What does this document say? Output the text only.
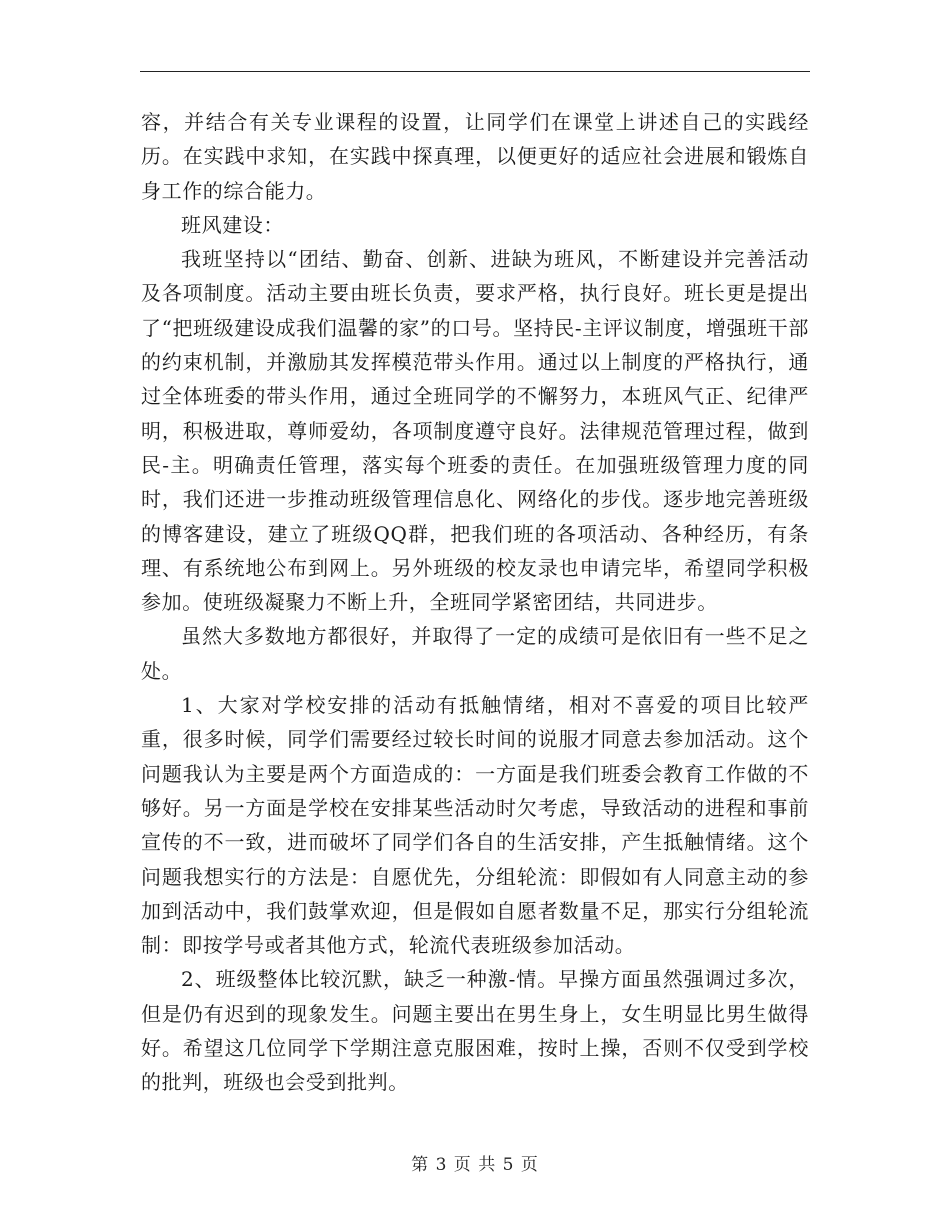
容，并结合有关专业课程的设置，让同学们在课堂上讲述自己的实践经历。在实践中求知，在实践中探真理，以便更好的适应社会进展和锻炼自身工作的综合能力。

班风建设：

我班坚持以“团结、勤奋、创新、进缺为班风，不断建设并完善活动及各项制度。活动主要由班长负责，要求严格，执行良好。班长更是提出了“把班级建设成我们温馨的家”的口号。坚持民-主评议制度，增强班干部的约束机制，并激励其发挥模范带头作用。通过以上制度的严格执行，通过全体班委的带头作用，通过全班同学的不懈努力，本班风气正、纪律严明，积极进取，尊师爱幼，各项制度遵守良好。法律规范管理过程，做到民-主。明确责任管理，落实每个班委的责任。在加强班级管理力度的同时，我们还进一步推动班级管理信息化、网络化的步伐。逐步地完善班级的博客建设，建立了班级QQ群，把我们班的各项活动、各种经历，有条理、有系统地公布到网上。另外班级的校友录也申请完毕，希望同学积极参加。使班级凝聚力不断上升，全班同学紧密团结，共同进步。

虽然大多数地方都很好，并取得了一定的成绩可是依旧有一些不足之处。

1、大家对学校安排的活动有抵触情绪，相对不喜爱的项目比较严重，很多时候，同学们需要经过较长时间的说服才同意去参加活动。这个问题我认为主要是两个方面造成的：一方面是我们班委会教育工作做的不够好。另一方面是学校在安排某些活动时欠考虑，导致活动的进程和事前宣传的不一致，进而破坏了同学们各自的生活安排，产生抵触情绪。这个问题我想实行的方法是：自愿优先，分组轮流：即假如有人同意主动的参加到活动中，我们鼓掌欢迎，但是假如自愿者数量不足，那实行分组轮流制：即按学号或者其他方式，轮流代表班级参加活动。

2、班级整体比较沉默，缺乏一种激-情。早操方面虽然强调过多次，但是仍有迟到的现象发生。问题主要出在男生身上，女生明显比男生做得好。希望这几位同学下学期注意克服困难，按时上操，否则不仅受到学校的批判，班级也会受到批判。

第 3 页 共 5 页
